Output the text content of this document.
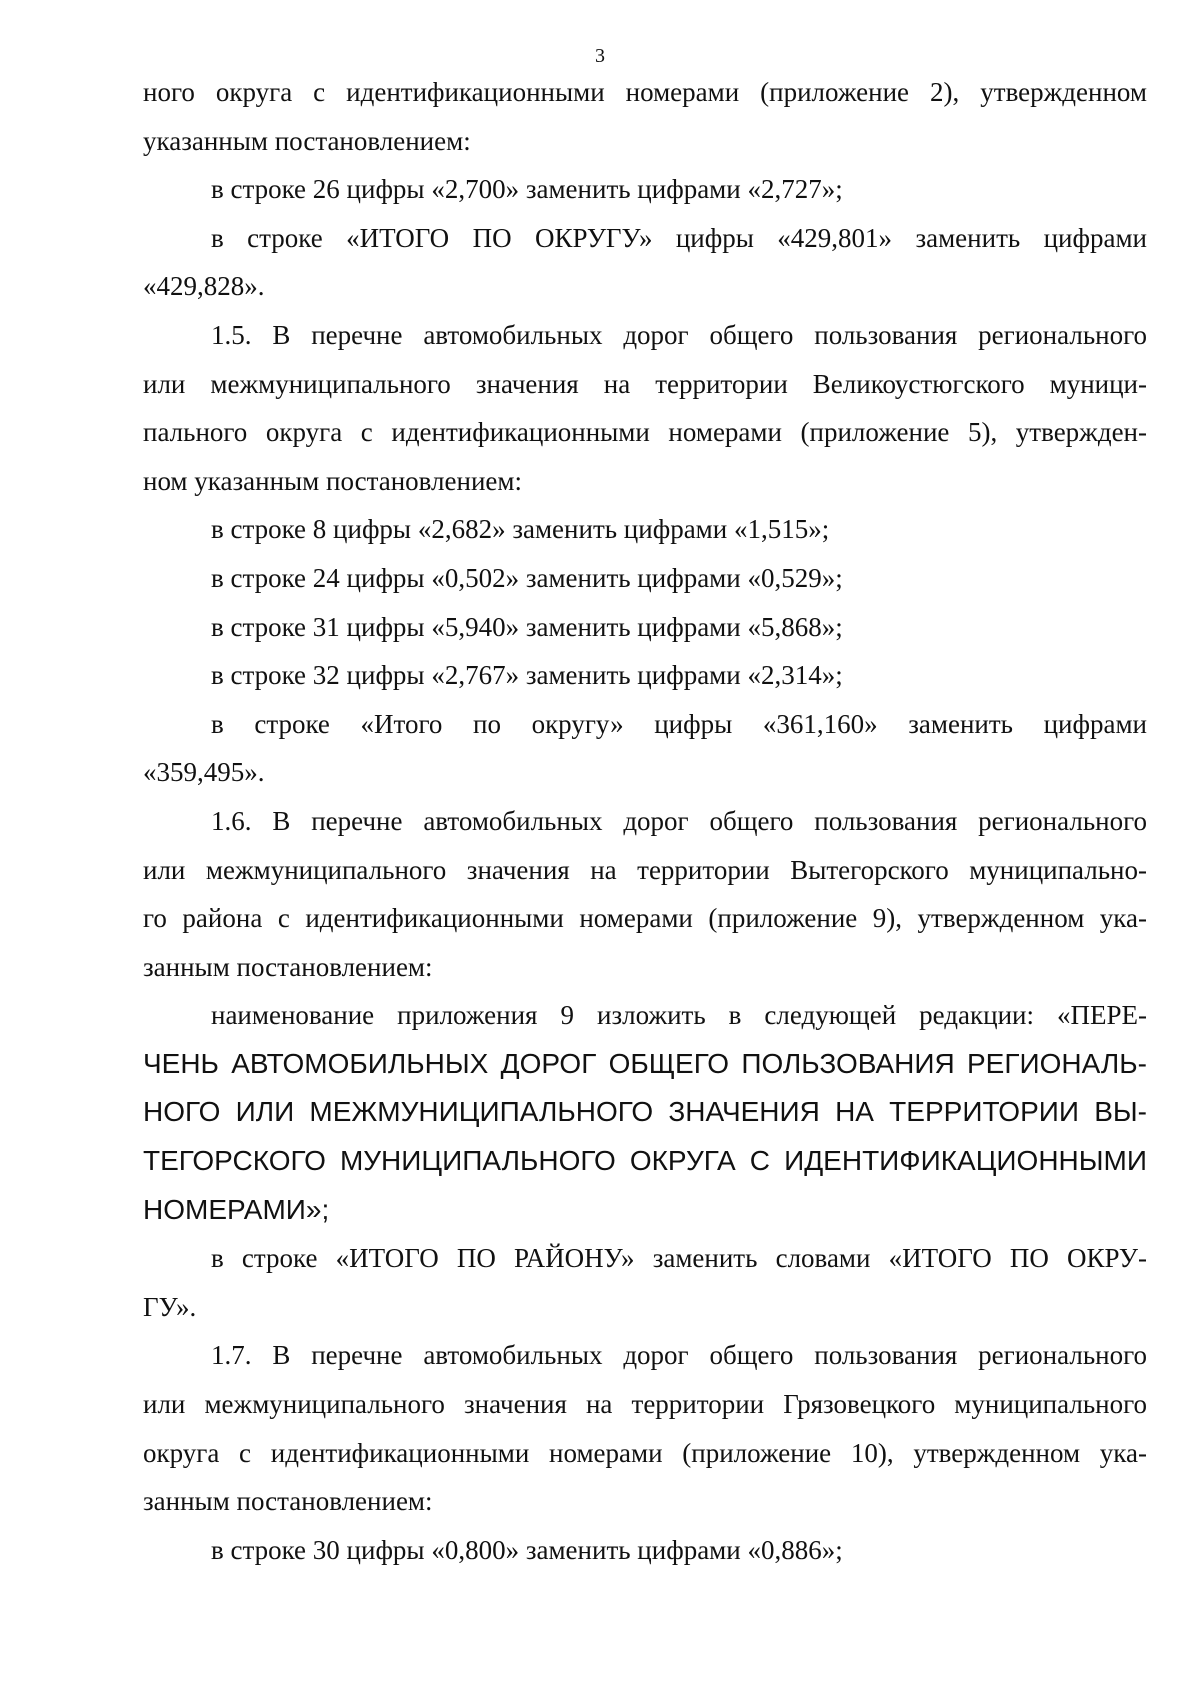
3
ного округа с идентификационными номерами (приложение 2), утвержденном
указанным постановлением:
в строке 26 цифры «2,700» заменить цифрами «2,727»;
в строке «ИТОГО ПО ОКРУГУ» цифры «429,801» заменить цифрами
«429,828».
1.5. В перечне автомобильных дорог общего пользования регионального
или межмуниципального значения на территории Великоустюгского муници-
пального округа с идентификационными номерами (приложение 5), утвержден-
ном указанным постановлением:
в строке 8 цифры «2,682» заменить цифрами «1,515»;
в строке 24 цифры «0,502» заменить цифрами «0,529»;
в строке 31 цифры «5,940» заменить цифрами «5,868»;
в строке 32 цифры «2,767» заменить цифрами «2,314»;
в строке «Итого по округу» цифры «361,160» заменить цифрами
«359,495».
1.6. В перечне автомобильных дорог общего пользования регионального
или межмуниципального значения на территории Вытегорского муниципально-
го района с идентификационными номерами (приложение 9), утвержденном ука-
занным постановлением:
наименование приложения 9 изложить в следующей редакции: «ПЕРЕ-
ЧЕНЬ АВТОМОБИЛЬНЫХ ДОРОГ ОБЩЕГО ПОЛЬЗОВАНИЯ РЕГИОНАЛЬ-
НОГО ИЛИ МЕЖМУНИЦИПАЛЬНОГО ЗНАЧЕНИЯ НА ТЕРРИТОРИИ ВЫ-
ТЕГОРСКОГО МУНИЦИПАЛЬНОГО ОКРУГА С ИДЕНТИФИКАЦИОННЫМИ
НОМЕРАМИ»;
в строке «ИТОГО ПО РАЙОНУ» заменить словами «ИТОГО ПО ОКРУ-
ГУ».
1.7. В перечне автомобильных дорог общего пользования регионального
или межмуниципального значения на территории Грязовецкого муниципального
округа с идентификационными номерами (приложение 10), утвержденном ука-
занным постановлением:
в строке 30 цифры «0,800» заменить цифрами «0,886»;
